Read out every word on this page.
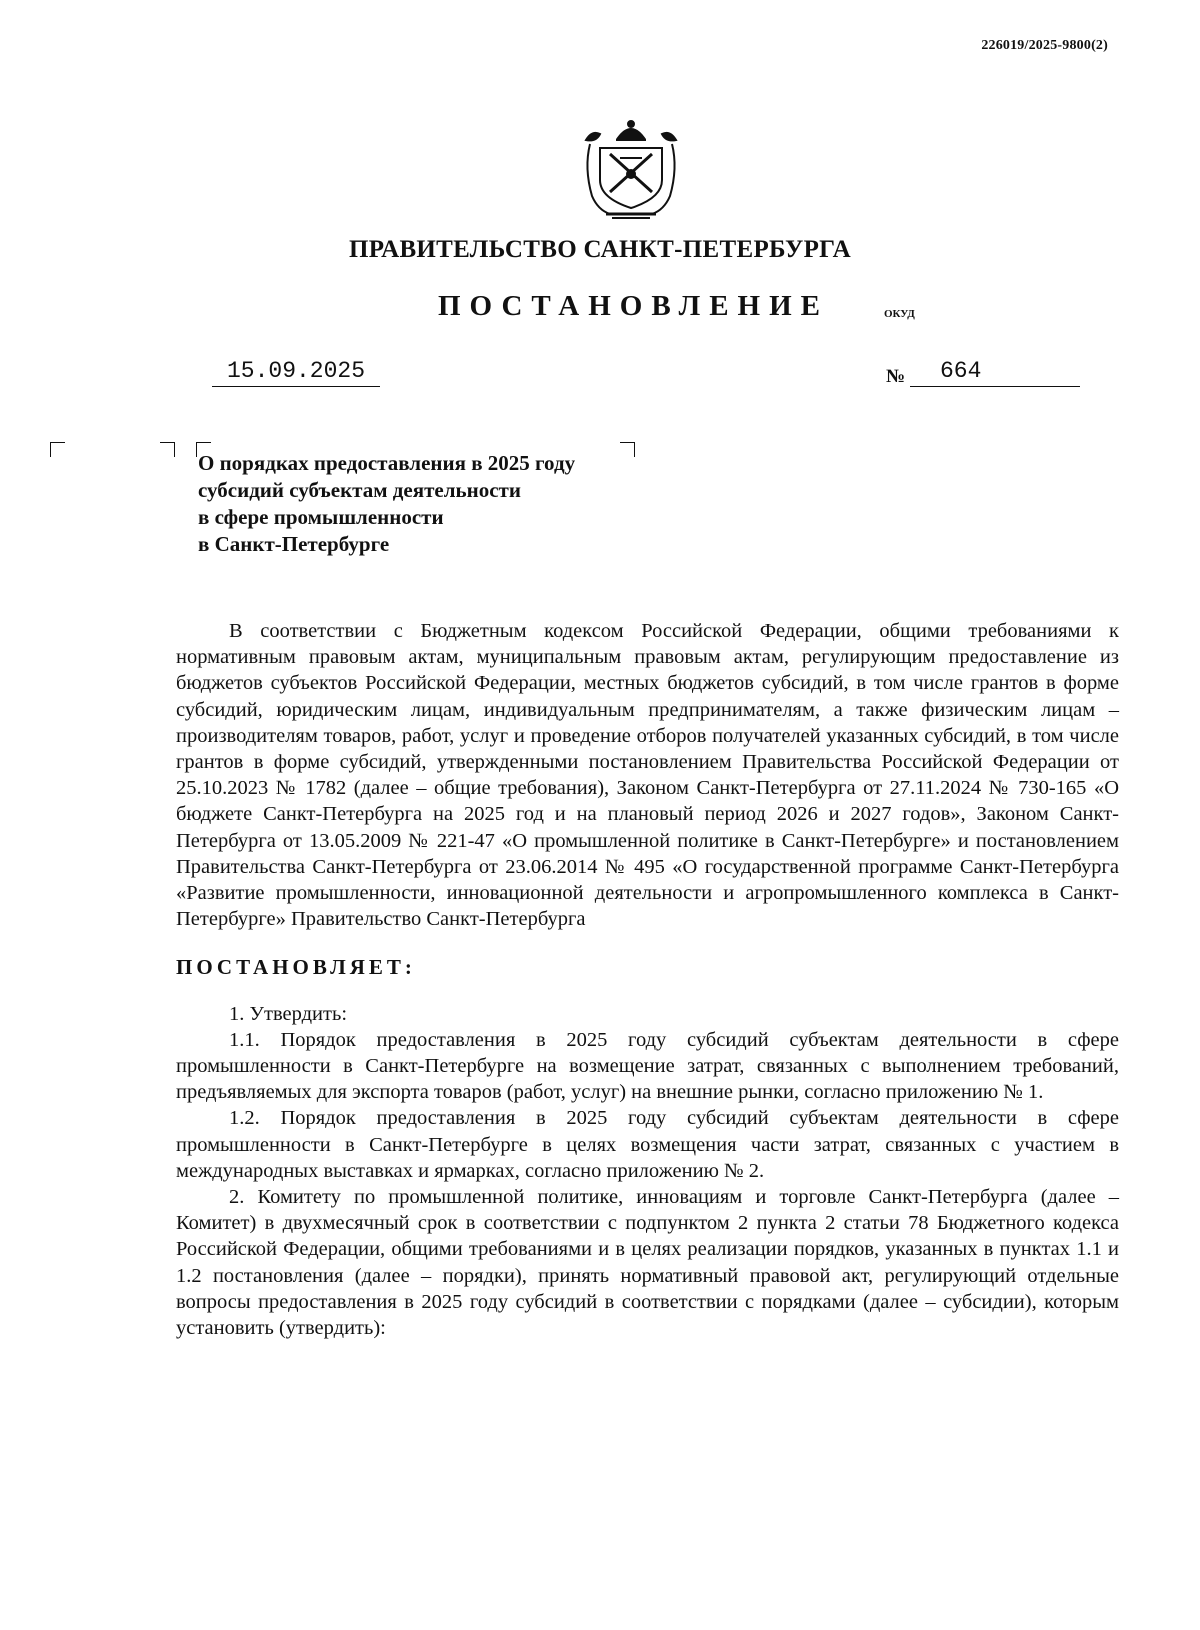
226019/2025-9800(2)
ПРАВИТЕЛЬСТВО САНКТ-ПЕТЕРБУРГА
ПОСТАНОВЛЕНИЕ	ОКУД
15.09.2025	№	664
О порядках предоставления в 2025 году
субсидий субъектам деятельности
в сфере промышленности
в Санкт-Петербурге

В соответствии с Бюджетным кодексом Российской Федерации, общими требованиями к нормативным правовым актам, муниципальным правовым актам, регулирующим предоставление из бюджетов субъектов Российской Федерации, местных бюджетов субсидий, в том числе грантов в форме субсидий, юридическим лицам, индивидуальным предпринимателям, а также физическим лицам – производителям товаров, работ, услуг и проведение отборов получателей указанных субсидий, в том числе грантов в форме субсидий, утвержденными постановлением Правительства Российской Федерации от 25.10.2023 № 1782 (далее – общие требования), Законом Санкт-Петербурга от 27.11.2024 № 730-165 «О бюджете Санкт-Петербурга на 2025 год и на плановый период 2026 и 2027 годов», Законом Санкт-Петербурга от 13.05.2009 № 221-47 «О промышленной политике в Санкт-Петербурге» и постановлением Правительства Санкт-Петербурга от 23.06.2014 № 495 «О государственной программе Санкт-Петербурга «Развитие промышленности, инновационной деятельности и агропромышленного комплекса в Санкт-Петербурге» Правительство Санкт-Петербурга

ПОСТАНОВЛЯЕТ:

1. Утвердить:

1.1. Порядок предоставления в 2025 году субсидий субъектам деятельности в сфере промышленности в Санкт-Петербурге на возмещение затрат, связанных с выполнением требований, предъявляемых для экспорта товаров (работ, услуг) на внешние рынки, согласно приложению № 1.

1.2. Порядок предоставления в 2025 году субсидий субъектам деятельности в сфере промышленности в Санкт-Петербурге в целях возмещения части затрат, связанных с участием в международных выставках и ярмарках, согласно приложению № 2.

2. Комитету по промышленной политике, инновациям и торговле Санкт-Петербурга (далее – Комитет) в двухмесячный срок в соответствии с подпунктом 2 пункта 2 статьи 78 Бюджетного кодекса Российской Федерации, общими требованиями и в целях реализации порядков, указанных в пунктах 1.1 и 1.2 постановления (далее – порядки), принять нормативный правовой акт, регулирующий отдельные вопросы предоставления в 2025 году субсидий в соответствии с порядками (далее – субсидии), которым установить (утвердить):
